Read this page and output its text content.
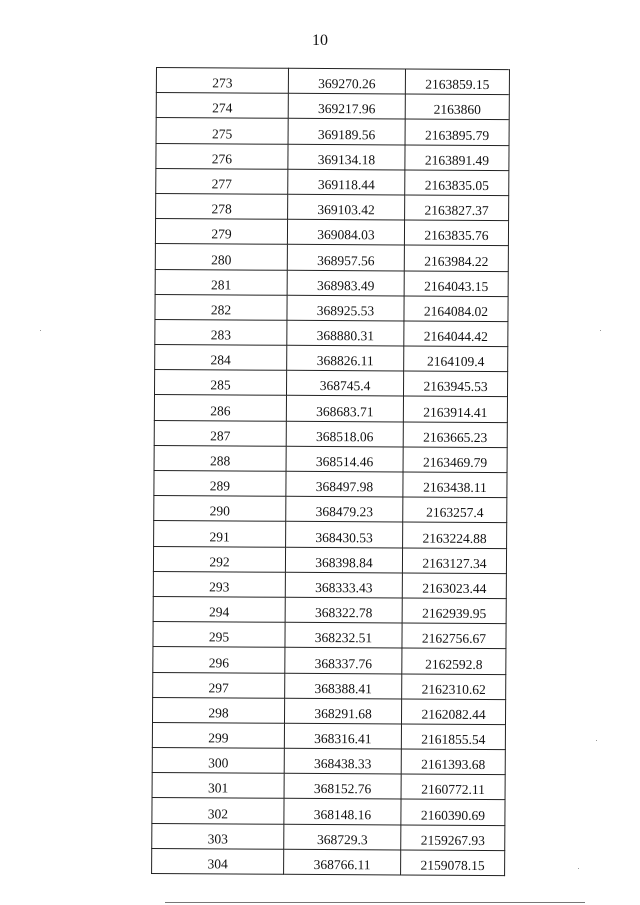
10
273	369270.26	2163859.15
274	369217.96	2163860
275	369189.56	2163895.79
276	369134.18	2163891.49
277	369118.44	2163835.05
278	369103.42	2163827.37
279	369084.03	2163835.76
280	368957.56	2163984.22
281	368983.49	2164043.15
282	368925.53	2164084.02
283	368880.31	2164044.42
284	368826.11	2164109.4
285	368745.4	2163945.53
286	368683.71	2163914.41
287	368518.06	2163665.23
288	368514.46	2163469.79
289	368497.98	2163438.11
290	368479.23	2163257.4
291	368430.53	2163224.88
292	368398.84	2163127.34
293	368333.43	2163023.44
294	368322.78	2162939.95
295	368232.51	2162756.67
296	368337.76	2162592.8
297	368388.41	2162310.62
298	368291.68	2162082.44
299	368316.41	2161855.54
300	368438.33	2161393.68
301	368152.76	2160772.11
302	368148.16	2160390.69
303	368729.3	2159267.93
304	368766.11	2159078.15
